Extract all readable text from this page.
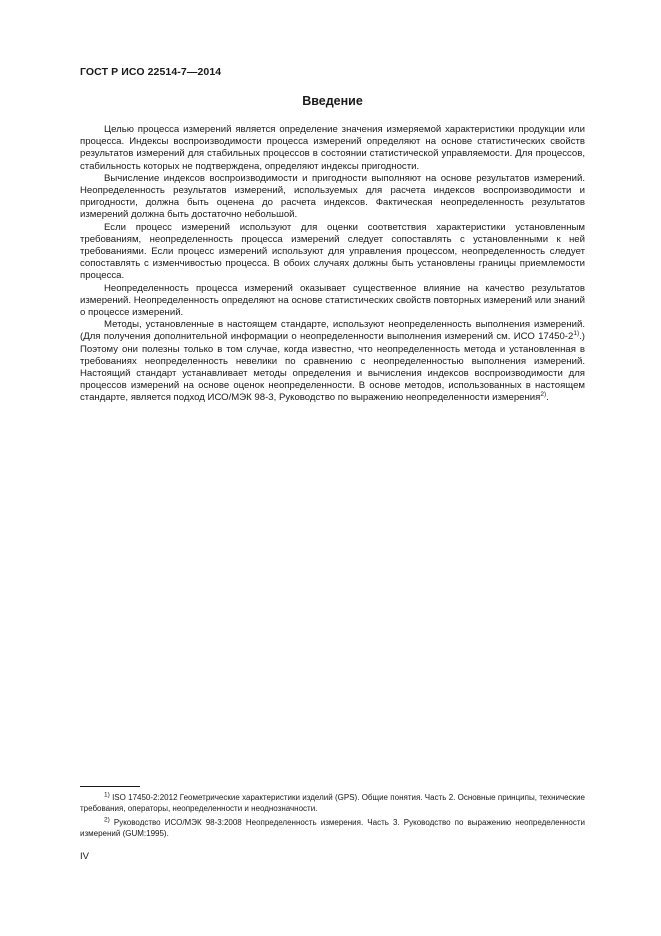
ГОСТ Р ИСО 22514-7—2014
Введение

Целью процесса измерений является определение значения измеряемой характеристики продукции или процесса. Индексы воспроизводимости процесса измерений определяют на основе статистических свойств результатов измерений для стабильных процессов в состоянии статистической управляемости. Для процессов, стабильность которых не подтверждена, определяют индексы пригодности.

Вычисление индексов воспроизводимости и пригодности выполняют на основе результатов измерений. Неопределенность результатов измерений, используемых для расчета индексов воспроизводимости и пригодности, должна быть оценена до расчета индексов. Фактическая неопределенность результатов измерений должна быть достаточно небольшой.

Если процесс измерений используют для оценки соответствия характеристики установленным требованиям, неопределенность процесса измерений следует сопоставлять с установленными к ней требованиями. Если процесс измерений используют для управления процессом, неопределенность следует сопоставлять с изменчивостью процесса. В обоих случаях должны быть установлены границы приемлемости процесса.

Неопределенность процесса измерений оказывает существенное влияние на качество результатов измерений. Неопределенность определяют на основе статистических свойств повторных измерений или знаний о процессе измерений.

Методы, установленные в настоящем стандарте, используют неопределенность выполнения измерений. (Для получения дополнительной информации о неопределенности выполнения измерений см. ИСО 17450-2$^{1)}$.) Поэтому они полезны только в том случае, когда известно, что неопределенность метода и установленная в требованиях неопределенность невелики по сравнению с неопределенностью выполнения измерений. Настоящий стандарт устанавливает методы определения и вычисления индексов воспроизводимости для процессов измерений на основе оценок неопределенности. В основе методов, использованных в настоящем стандарте, является подход ИСО/МЭК 98-3, Руководство по выражению неопределенности измерения$^{2)}$.

$^{1)}$ ISO 17450-2:2012 Геометрические характеристики изделий (GPS). Общие понятия. Часть 2. Основные принципы, технические требования, операторы, неопределенности и неоднозначности.

$^{2)}$ Руководство ИСО/МЭК 98-3:2008 Неопределенность измерения. Часть 3. Руководство по выражению неопределенности измерений (GUM:1995).

IV
